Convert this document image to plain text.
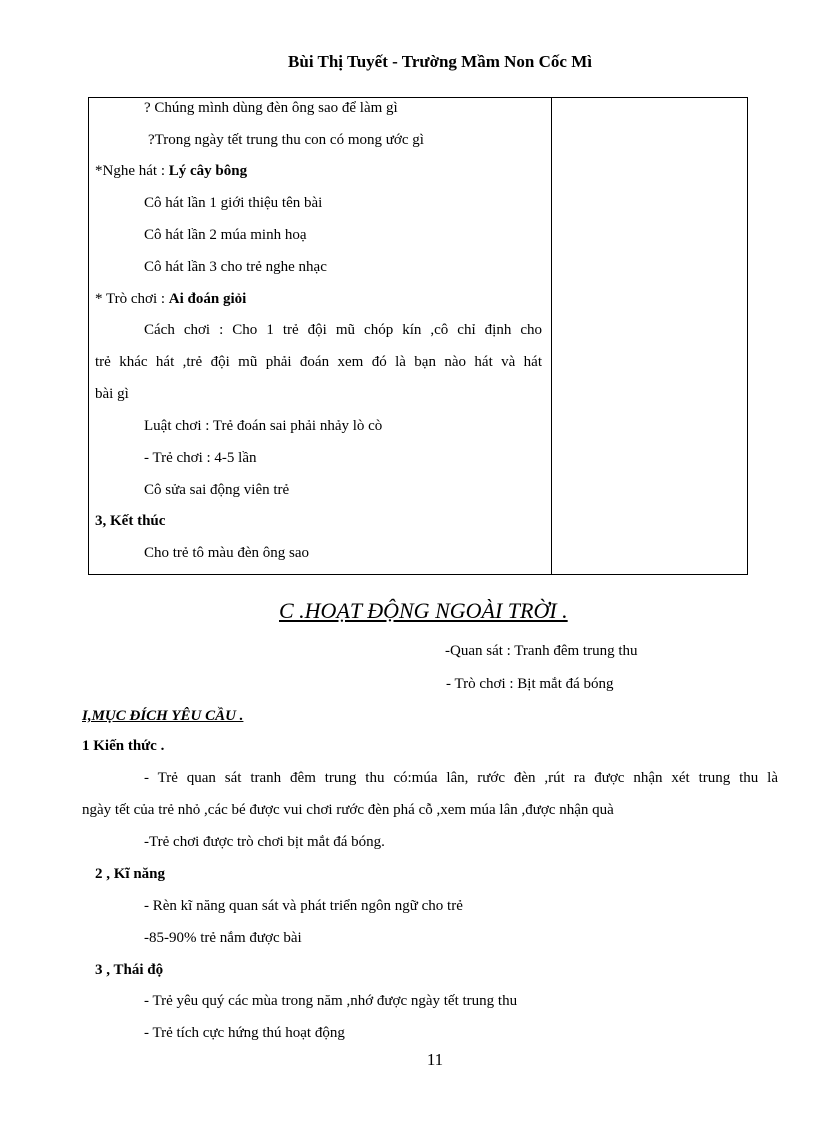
Bùi Thị Tuyết - Trường Mầm Non Cốc Mì
? Chúng mình dùng đèn ông sao để làm gì
?Trong ngày tết trung thu con có mong ước gì
*Nghe hát : Lý cây bông
Cô hát lần 1 giới thiệu tên bài
Cô hát lần 2 múa minh hoạ
Cô hát lần 3 cho trẻ nghe nhạc
* Trò chơi : Ai đoán giỏi
Cách chơi : Cho 1 trẻ đội mũ chóp kín ,cô chỉ định cho
trẻ khác hát ,trẻ đội mũ phải đoán xem đó là bạn nào hát và hát
bài gì
Luật chơi : Trẻ đoán sai phải nhảy lò cò
- Trẻ chơi : 4-5 lần
Cô sửa sai động viên trẻ
3, Kết thúc
Cho trẻ tô màu đèn ông sao
C .HOẠT ĐỘNG NGOÀI TRỜI .
-Quan sát : Tranh đêm trung thu
- Trò chơi : Bịt mắt đá bóng
I,MỤC ĐÍCH YÊU CẦU .
1 Kiến thức .
- Trẻ quan sát tranh đêm trung thu có:múa lân, rước đèn ,rút ra được nhận xét trung thu là
ngày tết của trẻ nhỏ ,các bé được vui chơi rước đèn phá cỗ ,xem múa lân ,được nhận quà
-Trẻ chơi được trò chơi bịt mắt đá bóng.
2 , Kĩ năng
- Rèn kĩ năng quan sát và phát triển ngôn ngữ cho trẻ
-85-90% trẻ nắm được bài
3 , Thái độ
- Trẻ yêu quý các mùa trong năm ,nhớ được ngày tết trung thu
- Trẻ tích cực hứng thú hoạt động
11
